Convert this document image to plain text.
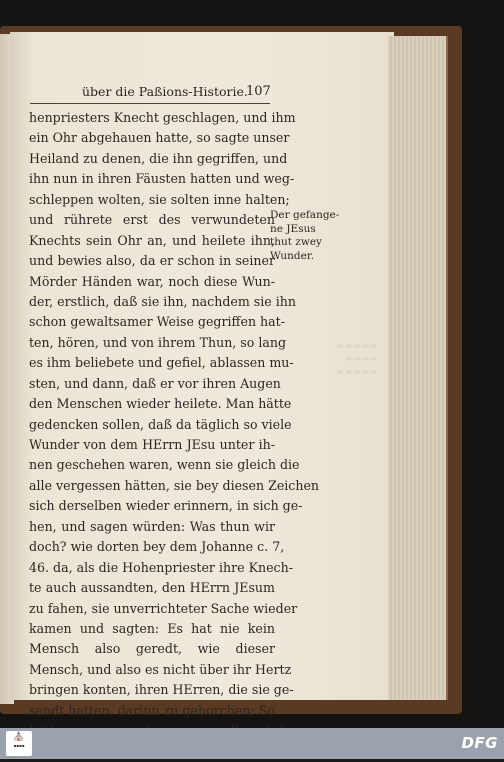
≈≈≈≈≈
≈≈≈≈
≈≈≈≈≈
über die Paßions-Historie.
107
henpriesters Knecht geschlagen, und ihm
ein Ohr abgehauen hatte, so sagte unser
Heiland zu denen, die ihn gegriffen, und
ihn nun in ihren Fäusten hatten und weg-
schleppen wolten, sie solten inne halten;
und rührete erst des verwundeten
Knechts sein Ohr an, und heilete ihn,
und bewies also, da er schon in seiner
Mörder Händen war, noch diese Wun-
der, erstlich, daß sie ihn, nachdem sie ihn
schon gewaltsamer Weise gegriffen hat-
ten, hören, und von ihrem Thun, so lang
es ihm beliebete und gefiel, ablassen mu-
sten, und dann, daß er vor ihren Augen
den Menschen wieder heilete. Man hätte
gedencken sollen, daß da täglich so viele
Wunder von dem HErrn JEsu unter ih-
nen geschehen waren, wenn sie gleich die
alle vergessen hätten, sie bey diesen Zeichen
sich derselben wieder erinnern, in sich ge-
hen, und sagen würden: Was thun wir
doch? wie dorten bey dem Johanne c. 7,
46. da, als die Hohenpriester ihre Knech-
te auch aussandten, den HErrn JEsum
zu fahen, sie unverrichteter Sache wieder
kamen und sagten: Es hat nie kein
Mensch also geredt, wie dieser
Mensch, und also es nicht über ihr Hertz
bringen konten, ihren HErren, die sie ge-
sandt hatten, darinn zu gehorchen; So
Der gefange-
ne JEsus
thut zwey
Wunder.
⛪
▪▪▪▪	DFG
